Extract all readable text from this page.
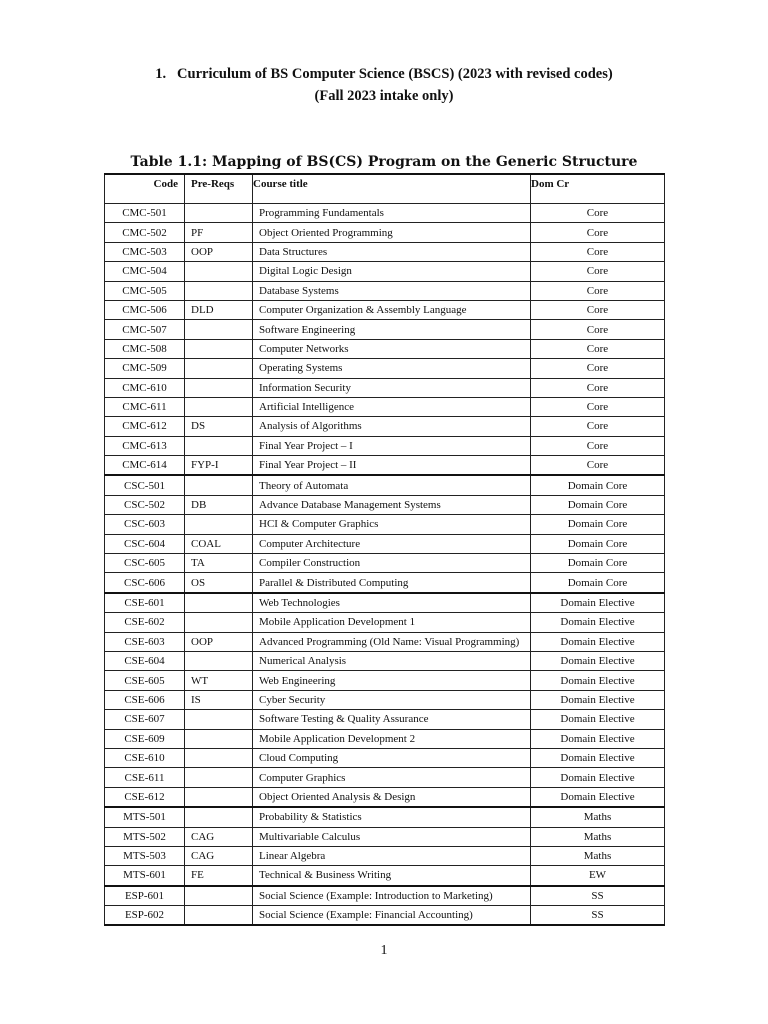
1.   Curriculum of BS Computer Science (BSCS) (2023 with revised codes)
(Fall 2023 intake only)
Table 1.1: Mapping of BS(CS) Program on the Generic Structure
Code	Pre-Reqs	Course title	Dom Cr

CMC-501		Programming Fundamentals	Core
CMC-502	PF	Object Oriented Programming	Core
CMC-503	OOP	Data Structures	Core
CMC-504		Digital Logic Design	Core
CMC-505		Database Systems	Core
CMC-506	DLD	Computer Organization & Assembly Language	Core
CMC-507		Software Engineering	Core
CMC-508		Computer Networks	Core
CMC-509		Operating Systems	Core
CMC-610		Information Security	Core
CMC-611		Artificial Intelligence	Core
CMC-612	DS	Analysis of Algorithms	Core
CMC-613		Final Year Project – I	Core
CMC-614	FYP-I	Final Year Project – II	Core
CSC-501		Theory of Automata	Domain Core
CSC-502	DB	Advance Database Management Systems	Domain Core
CSC-603		HCI & Computer Graphics	Domain Core
CSC-604	COAL	Computer Architecture	Domain Core
CSC-605	TA	Compiler Construction	Domain Core
CSC-606	OS	Parallel & Distributed Computing	Domain Core
CSE-601		Web Technologies	Domain Elective
CSE-602		Mobile Application Development 1	Domain Elective
CSE-603	OOP	Advanced Programming (Old Name: Visual Programming)	Domain Elective
CSE-604		Numerical Analysis	Domain Elective
CSE-605	WT	Web Engineering	Domain Elective
CSE-606	IS	Cyber Security	Domain Elective
CSE-607		Software Testing & Quality Assurance	Domain Elective
CSE-609		Mobile Application Development 2	Domain Elective
CSE-610		Cloud Computing	Domain Elective
CSE-611		Computer Graphics	Domain Elective
CSE-612		Object Oriented Analysis & Design	Domain Elective
MTS-501		Probability & Statistics	Maths
MTS-502	CAG	Multivariable Calculus	Maths
MTS-503	CAG	Linear Algebra	Maths
MTS-601	FE	Technical & Business Writing	EW
ESP-601		Social Science (Example: Introduction to Marketing)	SS
ESP-602		Social Science (Example: Financial Accounting)	SS
1
